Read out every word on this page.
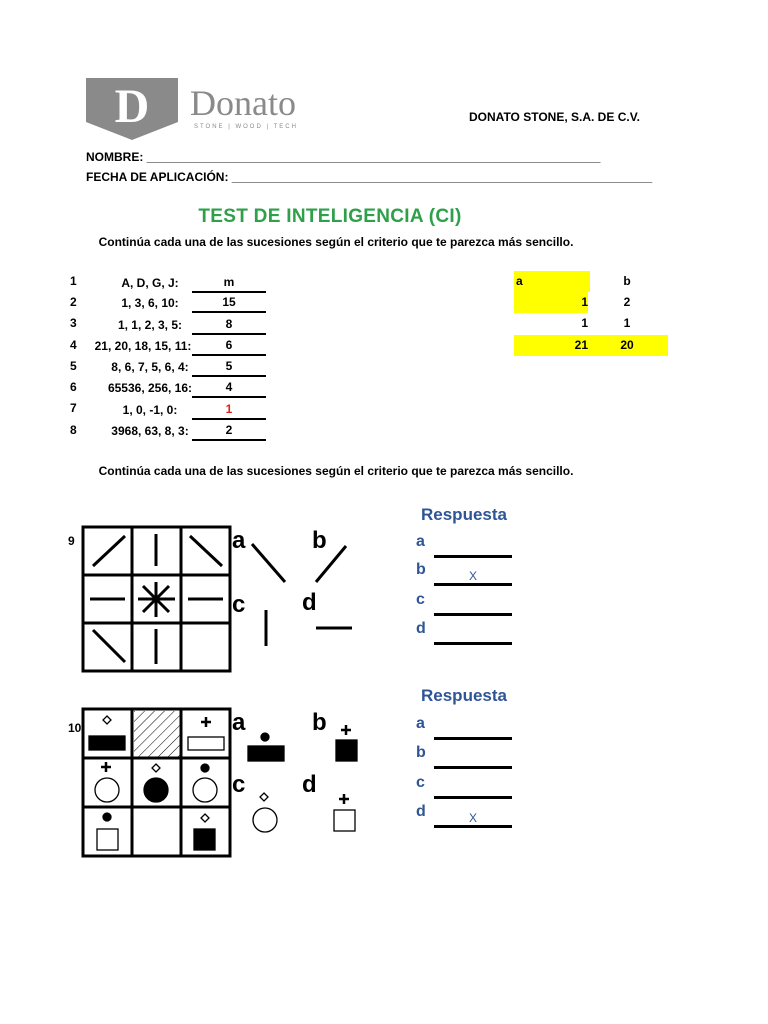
D Donato
STONE | WOOD | TECH
DONATO STONE, S.A. DE C.V.
NOMBRE: ____________________________________________________________________
FECHA DE APLICACIÓN: _______________________________________________________________
TEST DE INTELIGENCIA (CI)
Continúa cada una de las sucesiones según el criterio que te parezca más sencillo.
1	A, D, G, J:	m
2	1, 3, 6, 10:	15
3	1, 1, 2, 3, 5:	8
4	21, 20, 18, 15, 11:	6
5	8, 6, 7, 5, 6, 4:	5
6	65536, 256, 16:	4
7	1, 0, -1, 0:	1
8	3968, 63, 8, 3:	2
a	b
1	2
1	1
21	20
Continúa cada una de las sucesiones según el criterio que te parezca más sencillo.
9	a	b
c d
Respuesta
a
b	X
c
d
10	a	b
c d
Respuesta
a
b
c
d	X
